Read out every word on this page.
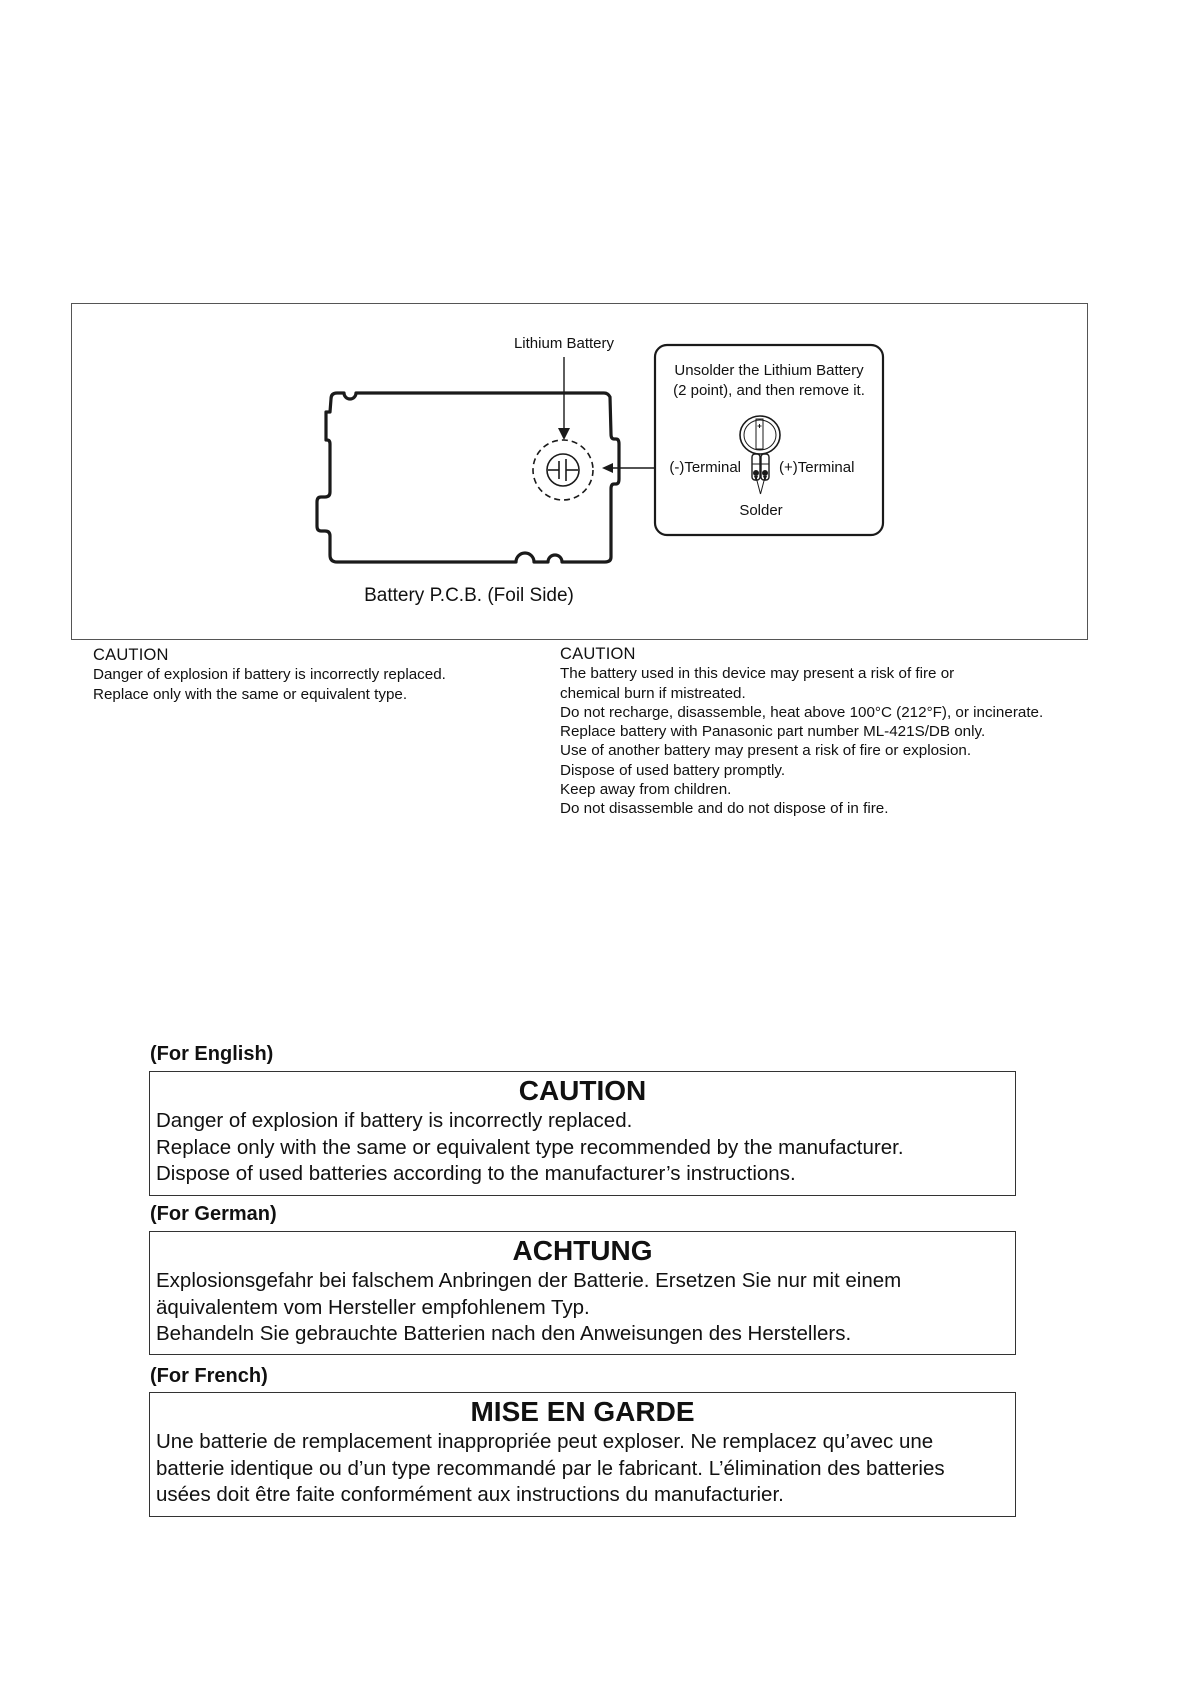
Lithium Battery
Unsolder the Lithium Battery
(2 point), and then remove it.
(-)Terminal	(+)Terminal
Solder
Battery P.C.B. (Foil Side)
CAUTION
Danger of explosion if battery is incorrectly replaced.
Replace only with the same or equivalent type.
CAUTION
The battery used in this device may present a risk of fire or
chemical burn if mistreated.
Do not recharge, disassemble, heat above 100°C (212°F), or incinerate.
Replace battery with Panasonic part number ML-421S/DB only.
Use of another battery may present a risk of fire or explosion.
Dispose of used battery promptly.
Keep away from children.
Do not disassemble and do not dispose of in fire.
(For English)
CAUTION
Danger of explosion if battery is incorrectly replaced.
Replace only with the same or equivalent type recommended by the manufacturer.
Dispose of used batteries according to the manufacturer’s instructions.
(For German)
ACHTUNG
Explosionsgefahr bei falschem Anbringen der Batterie. Ersetzen Sie nur mit einem
äquivalentem vom Hersteller empfohlenem Typ.
Behandeln Sie gebrauchte Batterien nach den Anweisungen des Herstellers.
(For French)
MISE EN GARDE
Une batterie de remplacement inappropriée peut exploser. Ne remplacez qu’avec une
batterie identique ou d’un type recommandé par le fabricant. L’élimination des batteries
usées doit être faite conformément aux instructions du manufacturier.
